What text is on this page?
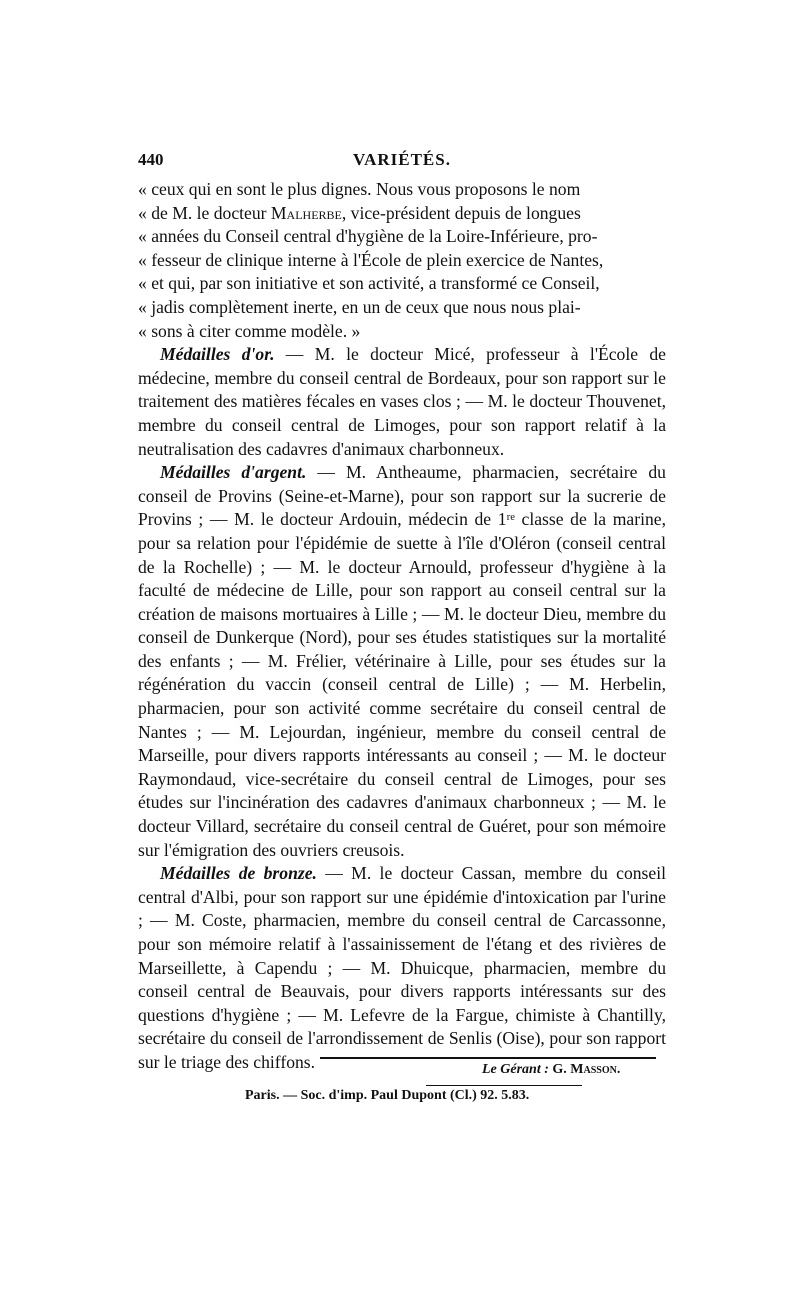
440	VARIÉTÉS.

« ceux qui en sont le plus dignes. Nous vous proposons le nom

« de M. le docteur Malherbe, vice-président depuis de longues

« années du Conseil central d'hygiène de la Loire-Inférieure, pro-

« fesseur de clinique interne à l'École de plein exercice de Nantes,

« et qui, par son initiative et son activité, a transformé ce Conseil,

« jadis complètement inerte, en un de ceux que nous nous plai-

« sons à citer comme modèle. »

Médailles d'or. — M. le docteur Micé, professeur à l'École de médecine, membre du conseil central de Bordeaux, pour son rapport sur le traitement des matières fécales en vases clos ; — M. le docteur Thouvenet, membre du conseil central de Limoges, pour son rapport relatif à la neutralisation des cadavres d'animaux charbonneux.

Médailles d'argent. — M. Antheaume, pharmacien, secrétaire du conseil de Provins (Seine-et-Marne), pour son rapport sur la sucrerie de Provins ; — M. le docteur Ardouin, médecin de 1ʳᵉ classe de la marine, pour sa relation pour l'épidémie de suette à l'île d'Oléron (conseil central de la Rochelle) ; — M. le docteur Arnould, professeur d'hygiène à la faculté de médecine de Lille, pour son rapport au conseil central sur la création de maisons mortuaires à Lille ; — M. le docteur Dieu, membre du conseil de Dunkerque (Nord), pour ses études statistiques sur la mortalité des enfants ; — M. Frélier, vétérinaire à Lille, pour ses études sur la régénération du vaccin (conseil central de Lille) ; — M. Herbelin, pharmacien, pour son activité comme secrétaire du conseil central de Nantes ; — M. Lejourdan, ingénieur, membre du conseil central de Marseille, pour divers rapports intéressants au conseil ; — M. le docteur Raymondaud, vice-secrétaire du conseil central de Limoges, pour ses études sur l'incinération des cadavres d'animaux charbonneux ; — M. le docteur Villard, secrétaire du conseil central de Guéret, pour son mémoire sur l'émigration des ouvriers creusois.

Médailles de bronze. — M. le docteur Cassan, membre du conseil central d'Albi, pour son rapport sur une épidémie d'intoxication par l'urine ; — M. Coste, pharmacien, membre du conseil central de Carcassonne, pour son mémoire relatif à l'assainissement de l'étang et des rivières de Marseillette, à Capendu ; — M. Dhuicque, pharmacien, membre du conseil central de Beauvais, pour divers rapports intéressants sur des questions d'hygiène ; — M. Lefevre de la Fargue, chimiste à Chantilly, secrétaire du conseil de l'arrondissement de Senlis (Oise), pour son rapport sur le triage des chiffons.	Le Gérant : G. Masson.
Paris. — Soc. d'imp. Paul Dupont (Cl.) 92. 5.83.
